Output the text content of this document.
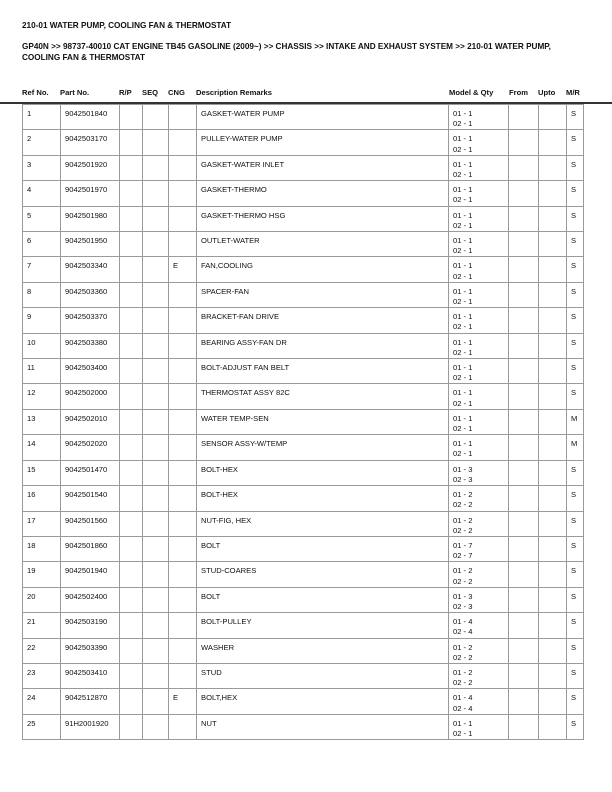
210-01 WATER PUMP, COOLING FAN & THERMOSTAT
GP40N >> 98737-40010 CAT ENGINE TB45 GASOLINE (2009~) >> CHASSIS >> INTAKE AND EXHAUST SYSTEM >> 210-01 WATER PUMP, COOLING FAN & THERMOSTAT
Ref No. Part No.	R/P SEQ CNG Description Remarks	Model & Qty From Upto M/R
1	9042501840				GASKET-WATER PUMP	01 - 1
02 - 1			S
2	9042503170				PULLEY-WATER PUMP	01 - 1
02 - 1			S
3	9042501920				GASKET-WATER INLET	01 - 1
02 - 1			S
4	9042501970				GASKET-THERMO	01 - 1
02 - 1			S
5	9042501980				GASKET-THERMO HSG	01 - 1
02 - 1			S
6	9042501950				OUTLET-WATER	01 - 1
02 - 1			S
7	9042503340			E	FAN,COOLING	01 - 1
02 - 1			S
8	9042503360				SPACER-FAN	01 - 1
02 - 1			S
9	9042503370				BRACKET-FAN DRIVE	01 - 1
02 - 1			S
10	9042503380				BEARING ASSY-FAN DR	01 - 1
02 - 1			S
11	9042503400				BOLT-ADJUST FAN BELT	01 - 1
02 - 1			S
12	9042502000				THERMOSTAT ASSY 82C	01 - 1
02 - 1			S
13	9042502010				WATER TEMP-SEN	01 - 1
02 - 1			M
14	9042502020				SENSOR ASSY-W/TEMP	01 - 1
02 - 1			M
15	9042501470				BOLT-HEX	01 - 3
02 - 3			S
16	9042501540				BOLT-HEX	01 - 2
02 - 2			S
17	9042501560				NUT-FIG, HEX	01 - 2
02 - 2			S
18	9042501860				BOLT	01 - 7
02 - 7			S
19	9042501940				STUD-COARES	01 - 2
02 - 2			S
20	9042502400				BOLT	01 - 3
02 - 3			S
21	9042503190				BOLT-PULLEY	01 - 4
02 - 4			S
22	9042503390				WASHER	01 - 2
02 - 2			S
23	9042503410				STUD	01 - 2
02 - 2			S
24	9042512870			E	BOLT,HEX	01 - 4
02 - 4			S
25	91H2001920				NUT	01 - 1
02 - 1			S
